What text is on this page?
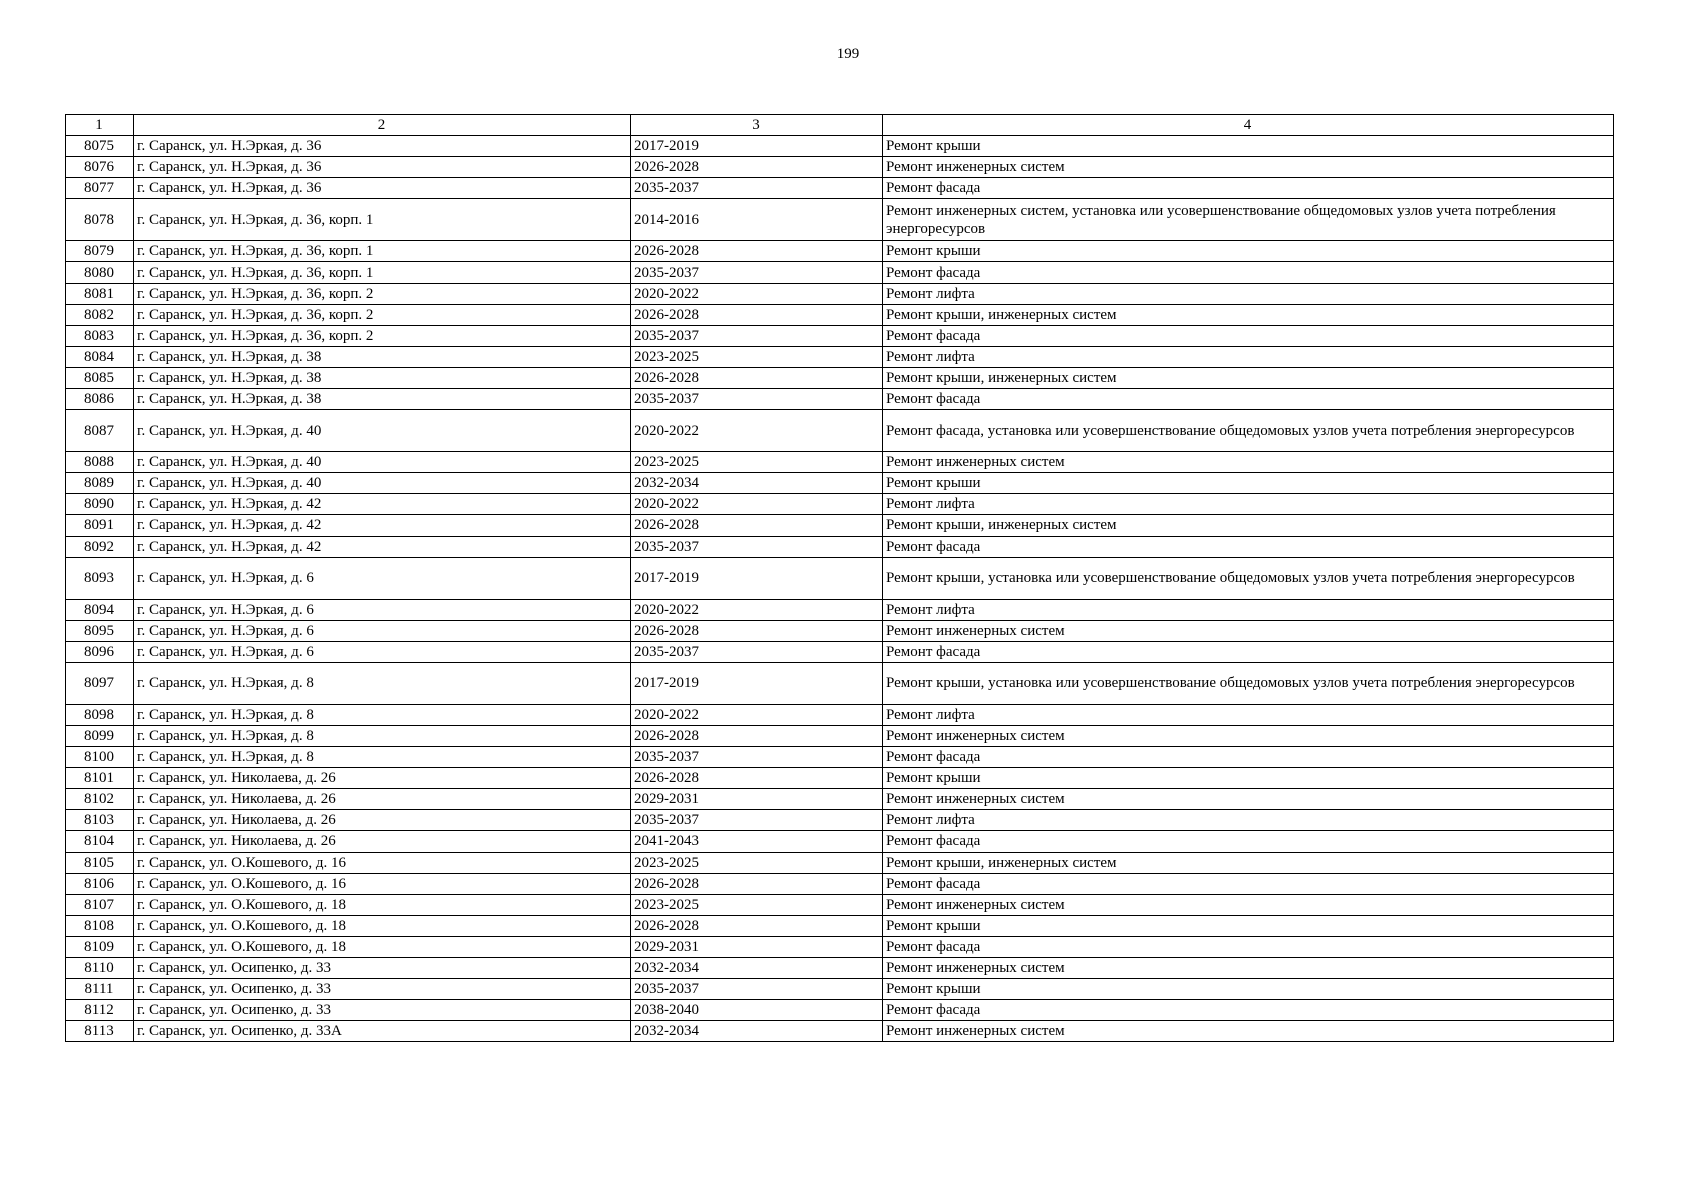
199
1	2	3	4
8075	г. Саранск, ул. Н.Эркая, д. 36	2017-2019	Ремонт крыши
8076	г. Саранск, ул. Н.Эркая, д. 36	2026-2028	Ремонт инженерных систем
8077	г. Саранск, ул. Н.Эркая, д. 36	2035-2037	Ремонт фасада
8078	г. Саранск, ул. Н.Эркая, д. 36, корп. 1	2014-2016	Ремонт инженерных систем, установка или усовершенствование общедомовых узлов учета потребления энергоресурсов
8079	г. Саранск, ул. Н.Эркая, д. 36, корп. 1	2026-2028	Ремонт крыши
8080	г. Саранск, ул. Н.Эркая, д. 36, корп. 1	2035-2037	Ремонт фасада
8081	г. Саранск, ул. Н.Эркая, д. 36, корп. 2	2020-2022	Ремонт лифта
8082	г. Саранск, ул. Н.Эркая, д. 36, корп. 2	2026-2028	Ремонт крыши, инженерных систем
8083	г. Саранск, ул. Н.Эркая, д. 36, корп. 2	2035-2037	Ремонт фасада
8084	г. Саранск, ул. Н.Эркая, д. 38	2023-2025	Ремонт лифта
8085	г. Саранск, ул. Н.Эркая, д. 38	2026-2028	Ремонт крыши, инженерных систем
8086	г. Саранск, ул. Н.Эркая, д. 38	2035-2037	Ремонт фасада
8087	г. Саранск, ул. Н.Эркая, д. 40	2020-2022	Ремонт фасада, установка или усовершенствование общедомовых узлов учета потребления энергоресурсов
8088	г. Саранск, ул. Н.Эркая, д. 40	2023-2025	Ремонт инженерных систем
8089	г. Саранск, ул. Н.Эркая, д. 40	2032-2034	Ремонт крыши
8090	г. Саранск, ул. Н.Эркая, д. 42	2020-2022	Ремонт лифта
8091	г. Саранск, ул. Н.Эркая, д. 42	2026-2028	Ремонт крыши, инженерных систем
8092	г. Саранск, ул. Н.Эркая, д. 42	2035-2037	Ремонт фасада
8093	г. Саранск, ул. Н.Эркая, д. 6	2017-2019	Ремонт крыши, установка или усовершенствование общедомовых узлов учета потребления энергоресурсов
8094	г. Саранск, ул. Н.Эркая, д. 6	2020-2022	Ремонт лифта
8095	г. Саранск, ул. Н.Эркая, д. 6	2026-2028	Ремонт инженерных систем
8096	г. Саранск, ул. Н.Эркая, д. 6	2035-2037	Ремонт фасада
8097	г. Саранск, ул. Н.Эркая, д. 8	2017-2019	Ремонт крыши, установка или усовершенствование общедомовых узлов учета потребления энергоресурсов
8098	г. Саранск, ул. Н.Эркая, д. 8	2020-2022	Ремонт лифта
8099	г. Саранск, ул. Н.Эркая, д. 8	2026-2028	Ремонт инженерных систем
8100	г. Саранск, ул. Н.Эркая, д. 8	2035-2037	Ремонт фасада
8101	г. Саранск, ул. Николаева, д. 26	2026-2028	Ремонт крыши
8102	г. Саранск, ул. Николаева, д. 26	2029-2031	Ремонт инженерных систем
8103	г. Саранск, ул. Николаева, д. 26	2035-2037	Ремонт лифта
8104	г. Саранск, ул. Николаева, д. 26	2041-2043	Ремонт фасада
8105	г. Саранск, ул. О.Кошевого, д. 16	2023-2025	Ремонт крыши, инженерных систем
8106	г. Саранск, ул. О.Кошевого, д. 16	2026-2028	Ремонт фасада
8107	г. Саранск, ул. О.Кошевого, д. 18	2023-2025	Ремонт инженерных систем
8108	г. Саранск, ул. О.Кошевого, д. 18	2026-2028	Ремонт крыши
8109	г. Саранск, ул. О.Кошевого, д. 18	2029-2031	Ремонт фасада
8110	г. Саранск, ул. Осипенко, д. 33	2032-2034	Ремонт инженерных систем
8111	г. Саранск, ул. Осипенко, д. 33	2035-2037	Ремонт крыши
8112	г. Саранск, ул. Осипенко, д. 33	2038-2040	Ремонт фасада
8113	г. Саранск, ул. Осипенко, д. 33А	2032-2034	Ремонт инженерных систем
